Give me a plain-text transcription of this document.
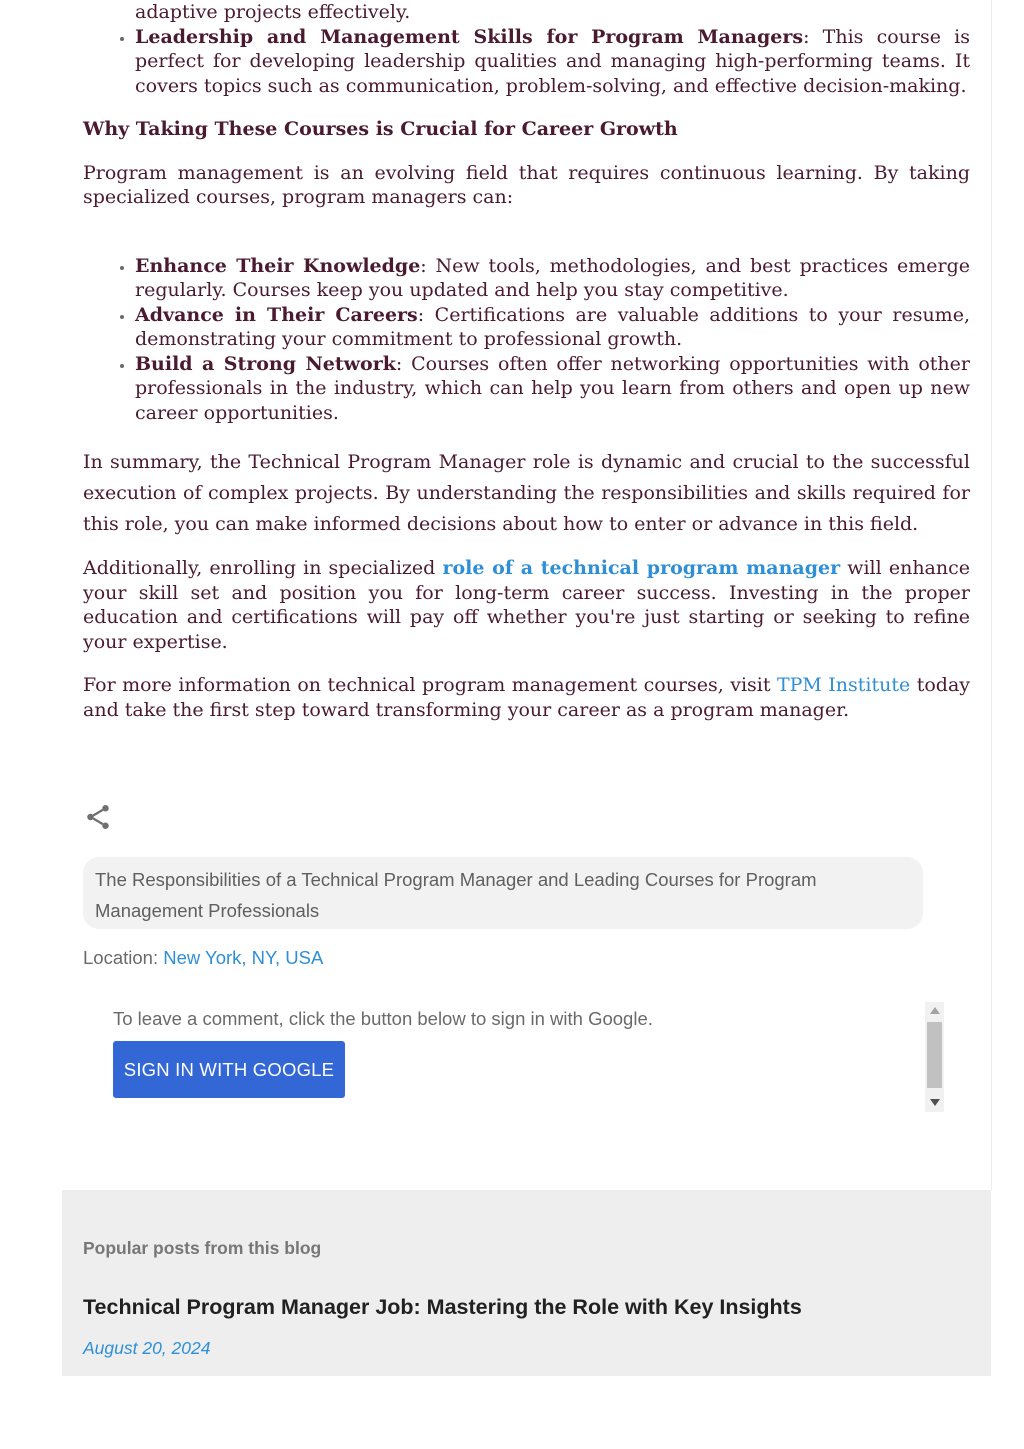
adaptive projects effectively.
• Leadership and Management Skills for Program Managers: This course is perfect for developing leadership qualities and managing high-performing teams. It covers topics such as communication, problem-solving, and effective decision-making.

Why Taking These Courses is Crucial for Career Growth

Program management is an evolving field that requires continuous learning. By taking specialized courses, program managers can:

• Enhance Their Knowledge: New tools, methodologies, and best practices emerge regularly. Courses keep you updated and help you stay competitive.
• Advance in Their Careers: Certifications are valuable additions to your resume, demonstrating your commitment to professional growth.
• Build a Strong Network: Courses often offer networking opportunities with other professionals in the industry, which can help you learn from others and open up new career opportunities.

In summary, the Technical Program Manager role is dynamic and crucial to the successful execution of complex projects. By understanding the responsibilities and skills required for this role, you can make informed decisions about how to enter or advance in this field.

Additionally, enrolling in specialized role of a technical program manager will enhance your skill set and position you for long-term career success. Investing in the proper education and certifications will pay off whether you're just starting or seeking to refine your expertise.

For more information on technical program management courses, visit TPM Institute today and take the first step toward transforming your career as a program manager.

The Responsibilities of a Technical Program Manager and Leading Courses for Program Management Professionals
Location: New York, NY, USA
To leave a comment, click the button below to sign in with Google.
SIGN IN WITH GOOGLE
Popular posts from this blog
Technical Program Manager Job: Mastering the Role with Key Insights
August 20, 2024
